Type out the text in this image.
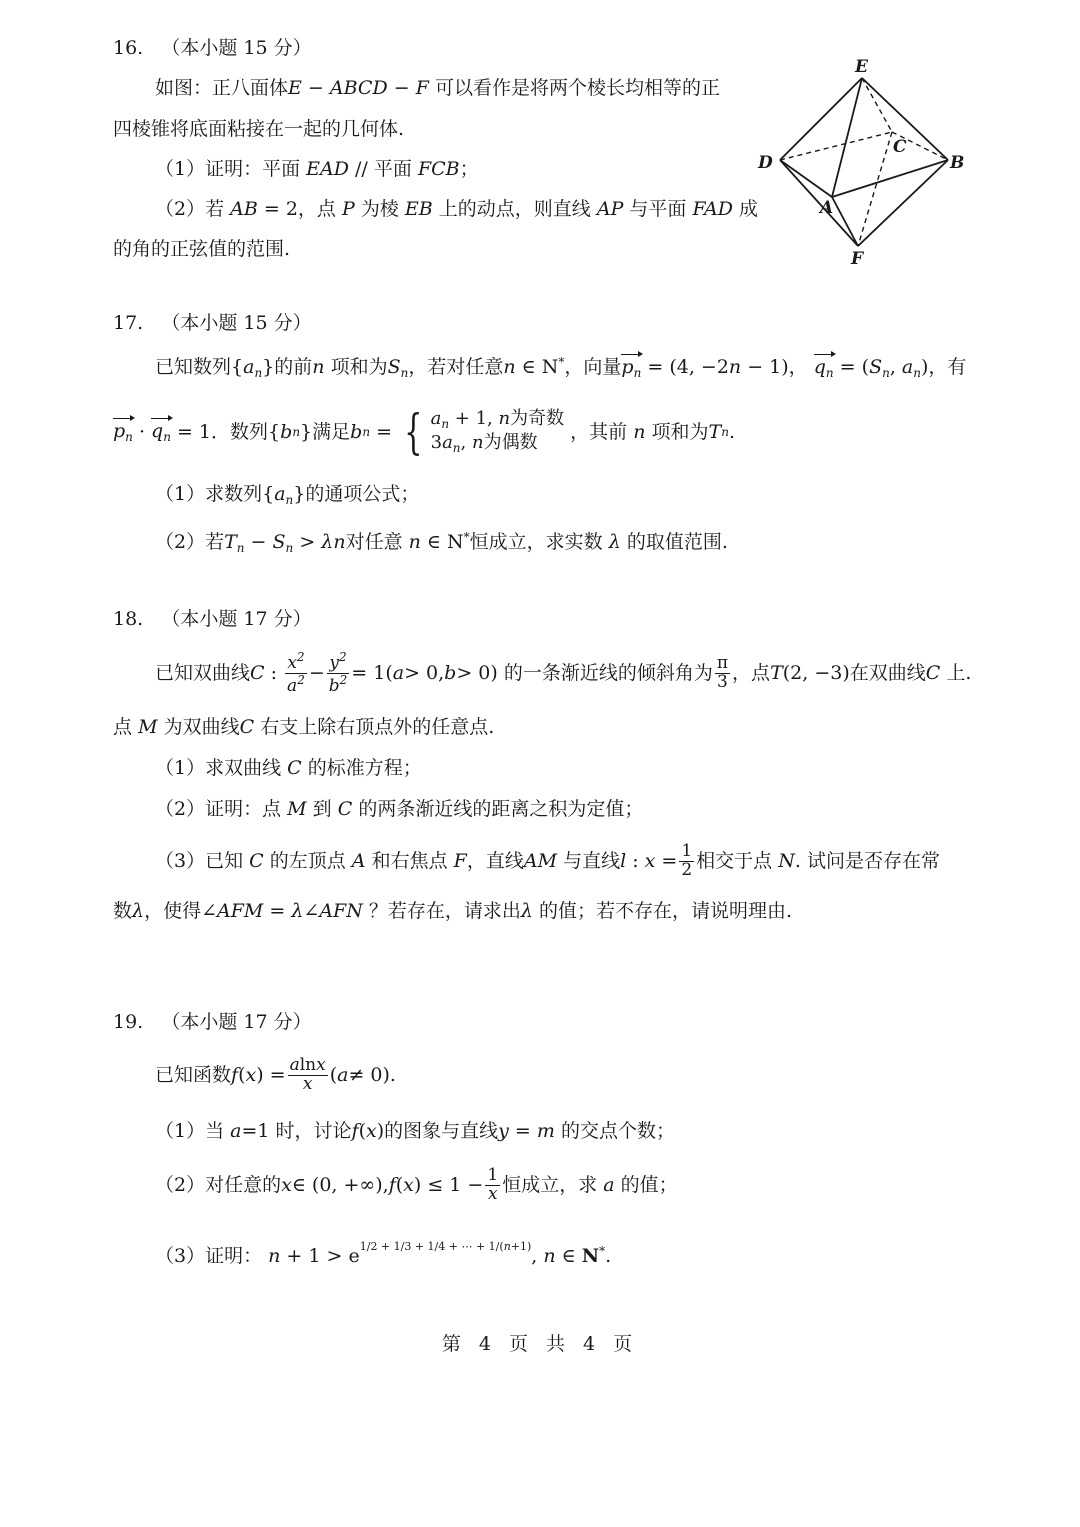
16. （本小题 15 分）
如图：正八面体E − ABCD − F 可以看作是将两个棱长均相等的正
四棱锥将底面粘接在一起的几何体.
（1）证明：平面 EAD // 平面 FCB；
（2）若 AB = 2，点 P 为棱 EB 上的动点，则直线 AP 与平面 FAD 成
的角的正弦值的范围.
E
C
D	B
A
F
17. （本小题 15 分）
已知数列$\{a_n\}$的前n 项和为$S_n$，若对任意n ∈ N*，向量$p_n = (4$, −2n − 1)， $q_n = (S_n$, $a_n$)，有
$p_n \cdot q_n = 1$ ．数列 { b n } 满足 b n = { $a_n + 1$, n为奇数
$3a_n$, n为偶数
	，其前
n
项和为 T n .
（1）求数列$\{a_n\}$的通项公式；
（2）若$T_n - S_n > \lambda n$对任意 n ∈ N*恒成立，求实数 λ 的取值范围.
18. （本小题 17 分）
已知双曲线 C : $\frac{x^2}{a^2} - \frac{y^2}{b^2} = 1$( a > 0, b > 0) 的一条渐近线的倾斜角为 $\frac{\pi}{3}$ ，点 T (2, −3) 在双曲线 C
上.
点 M 为双曲线C 右支上除右顶点外的任意点.
（1）求双曲线 C 的标准方程；
（2）证明：点 M 到 C 的两条渐近线的距离之积为定值；
（3）已知
C
的左顶点
A
和右焦点
F ，直线 AM
与直线 l : $x = \frac{1}{2}$ 相交于点
N . 试问是否存在常
数λ，使得∠AFM = λ∠AFN ？若存在，请求出λ 的值；若不存在，请说明理由.
19. （本小题 17 分）
已知函数 f ( x ) = $\frac{alnx}{x}$ ( a ≠ 0).
（1）当 a=1 时，讨论f(x)的图象与直线y = m 的交点个数；
（2）对任意的 x ∈ (0, +∞), f ( x ) ≤ $1 - \frac{1}{x}$ 恒成立，求
a
的值；
（3）证明： $n + 1 > e^{1/2 + 1/3 + 1/4 + \cdots + 1/(n+1)}$, n ∈ N*.
第 4 页 共 4 页
